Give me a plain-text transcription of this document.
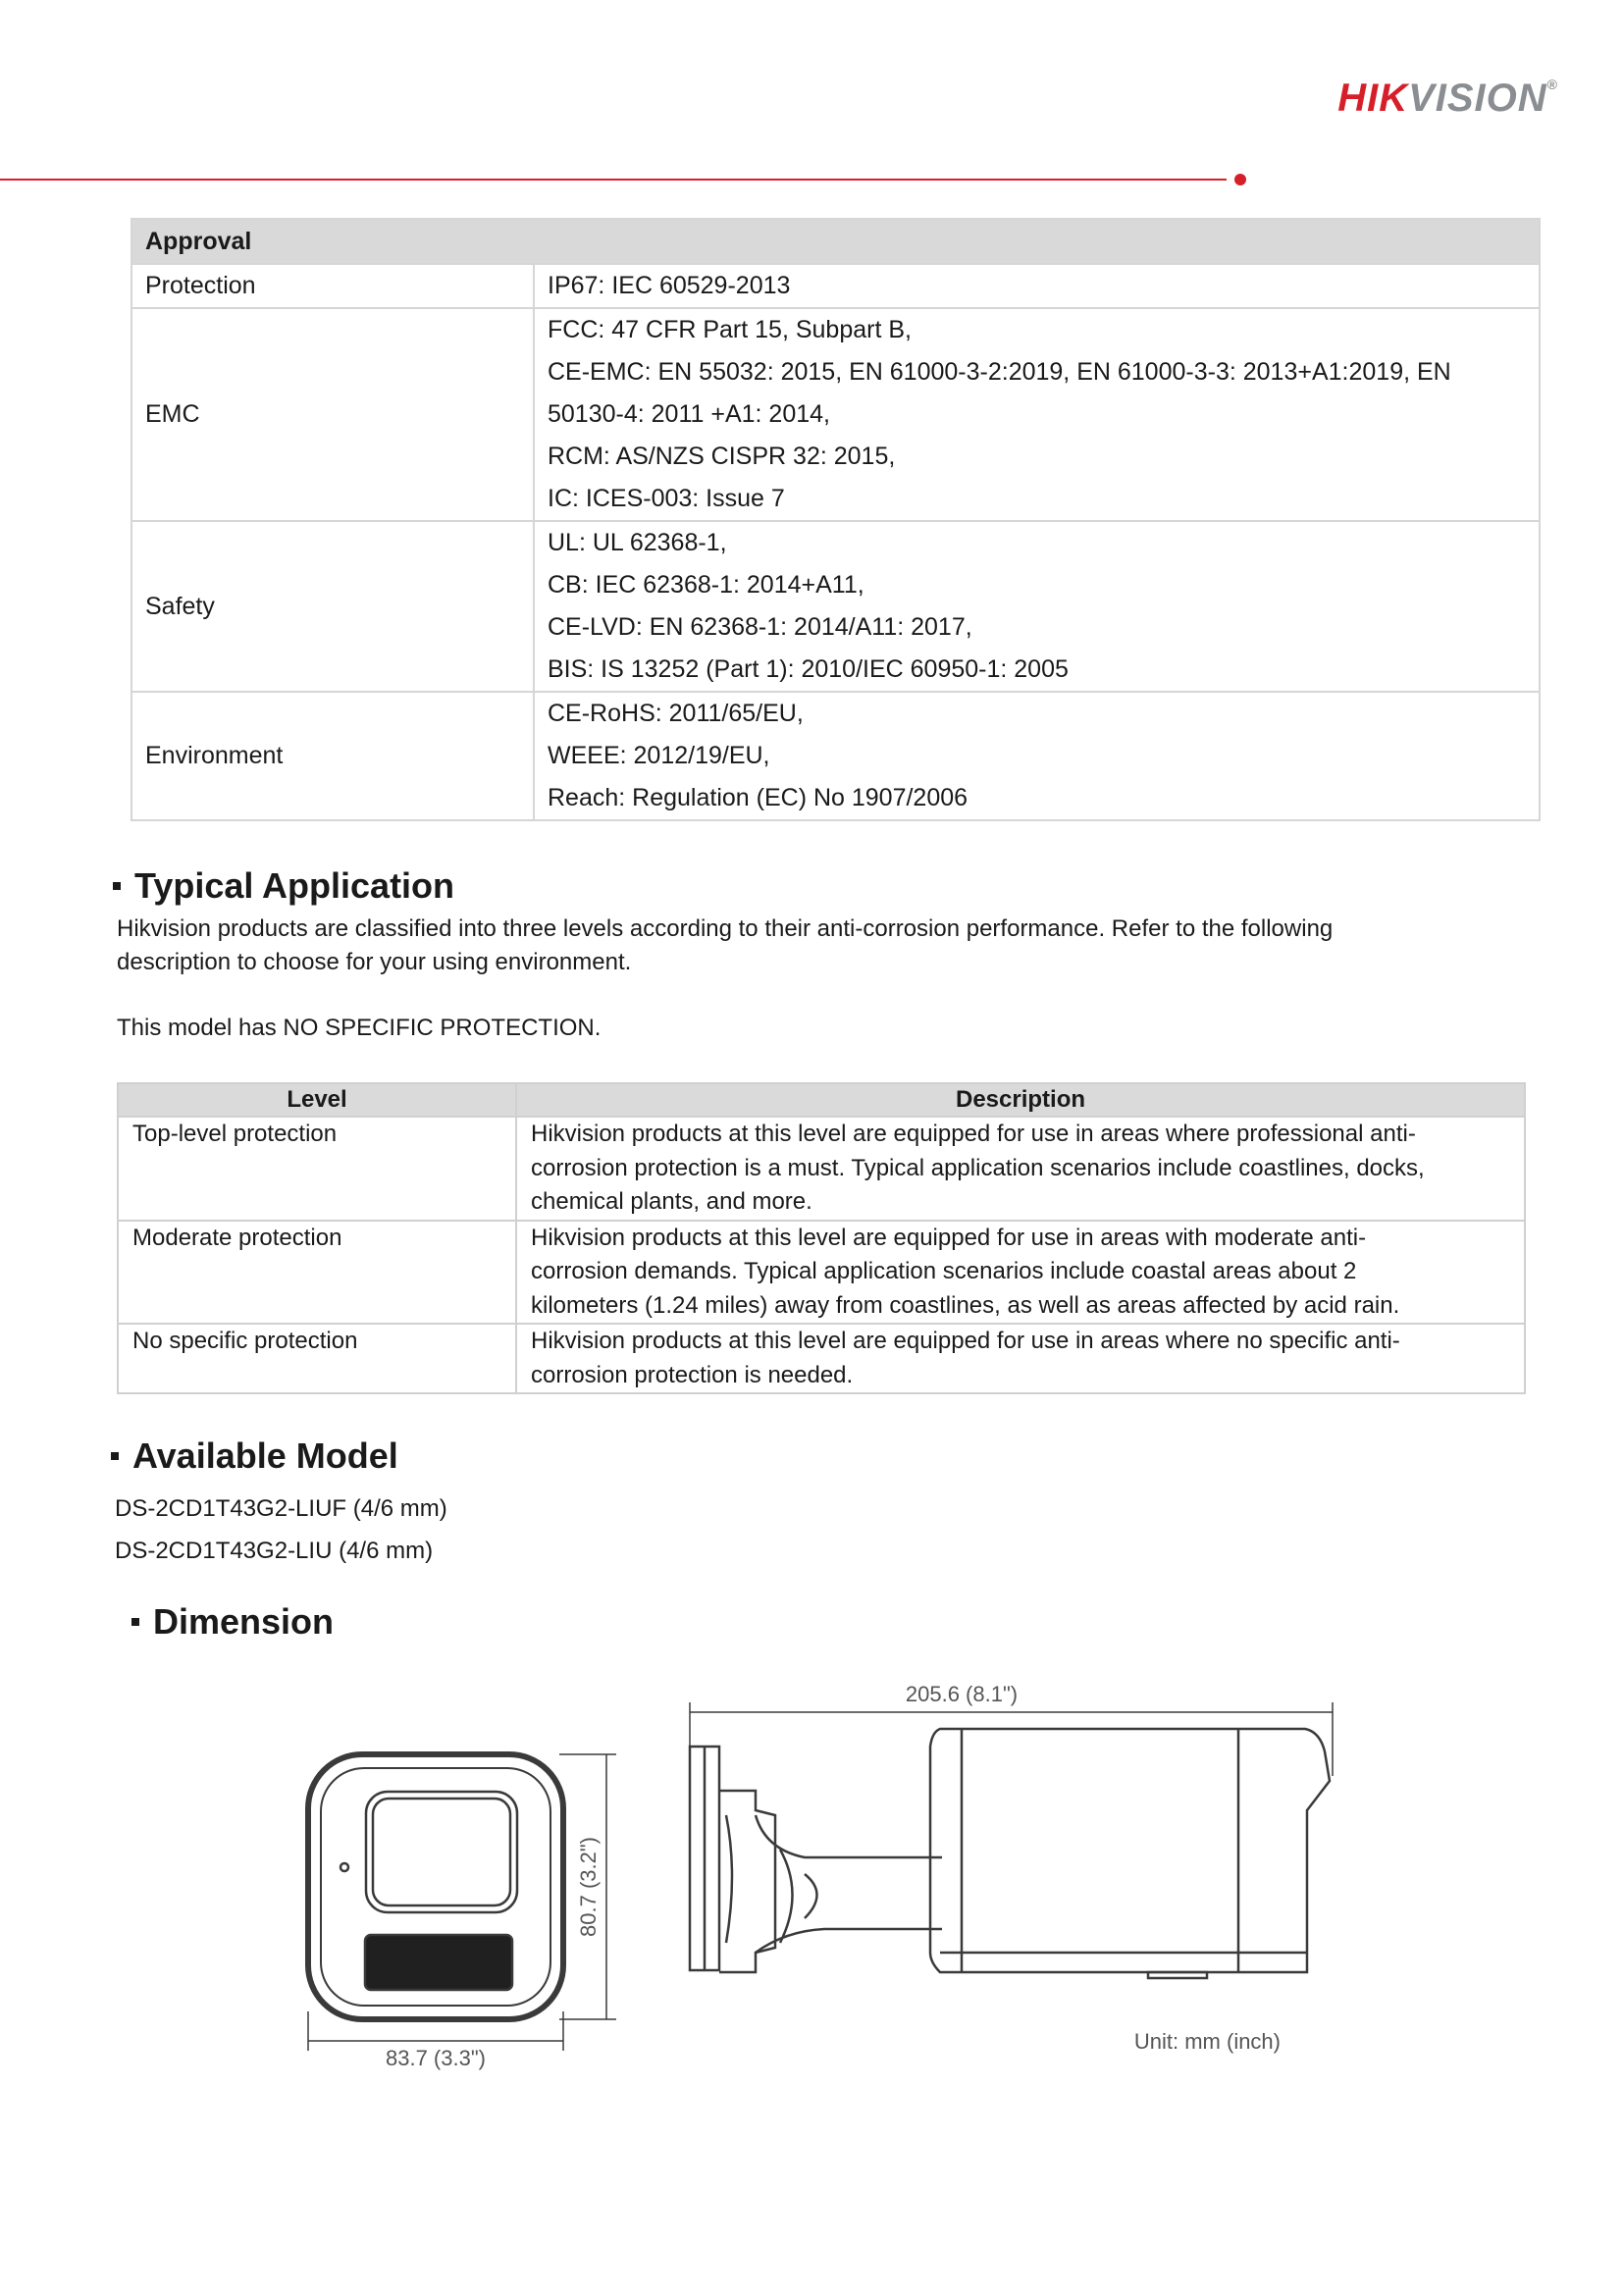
HIKVISION®
Approval	
Protection	IP67: IEC 60529-2013

EMC	FCC: 47 CFR Part 15, Subpart B,
CE-EMC: EN 55032: 2015, EN 61000-3-2:2019, EN 61000-3-3: 2013+A1:2019, EN
50130-4: 2011 +A1: 2014,
RCM: AS/NZS CISPR 32: 2015,
IC: ICES-003: Issue 7

Safety	UL: UL 62368-1,
CB: IEC 62368-1: 2014+A11,
CE-LVD: EN 62368-1: 2014/A11: 2017,
BIS: IS 13252 (Part 1): 2010/IEC 60950-1: 2005

Environment	CE-RoHS: 2011/65/EU,
WEEE: 2012/19/EU,
Reach: Regulation (EC) No 1907/2006
Typical Application
Hikvision products are classified into three levels according to their anti-corrosion performance. Refer to the following
description to choose for your using environment.
This model has NO SPECIFIC PROTECTION.
Level	Description
Top-level protection	Hikvision products at this level are equipped for use in areas where professional anti-
corrosion protection is a must. Typical application scenarios include coastlines, docks,
chemical plants, and more.

Moderate protection	Hikvision products at this level are equipped for use in areas with moderate anti-
corrosion demands. Typical application scenarios include coastal areas about 2
kilometers (1.24 miles) away from coastlines, as well as areas affected by acid rain.

No specific protection	Hikvision products at this level are equipped for use in areas where no specific anti-
corrosion protection is needed.
Available Model
DS-2CD1T43G2-LIUF (4/6 mm)
DS-2CD1T43G2-LIU (4/6 mm)
Dimension
205.6 (8.1")
80.7 (3.2")
83.7 (3.3")
Unit: mm (inch)
